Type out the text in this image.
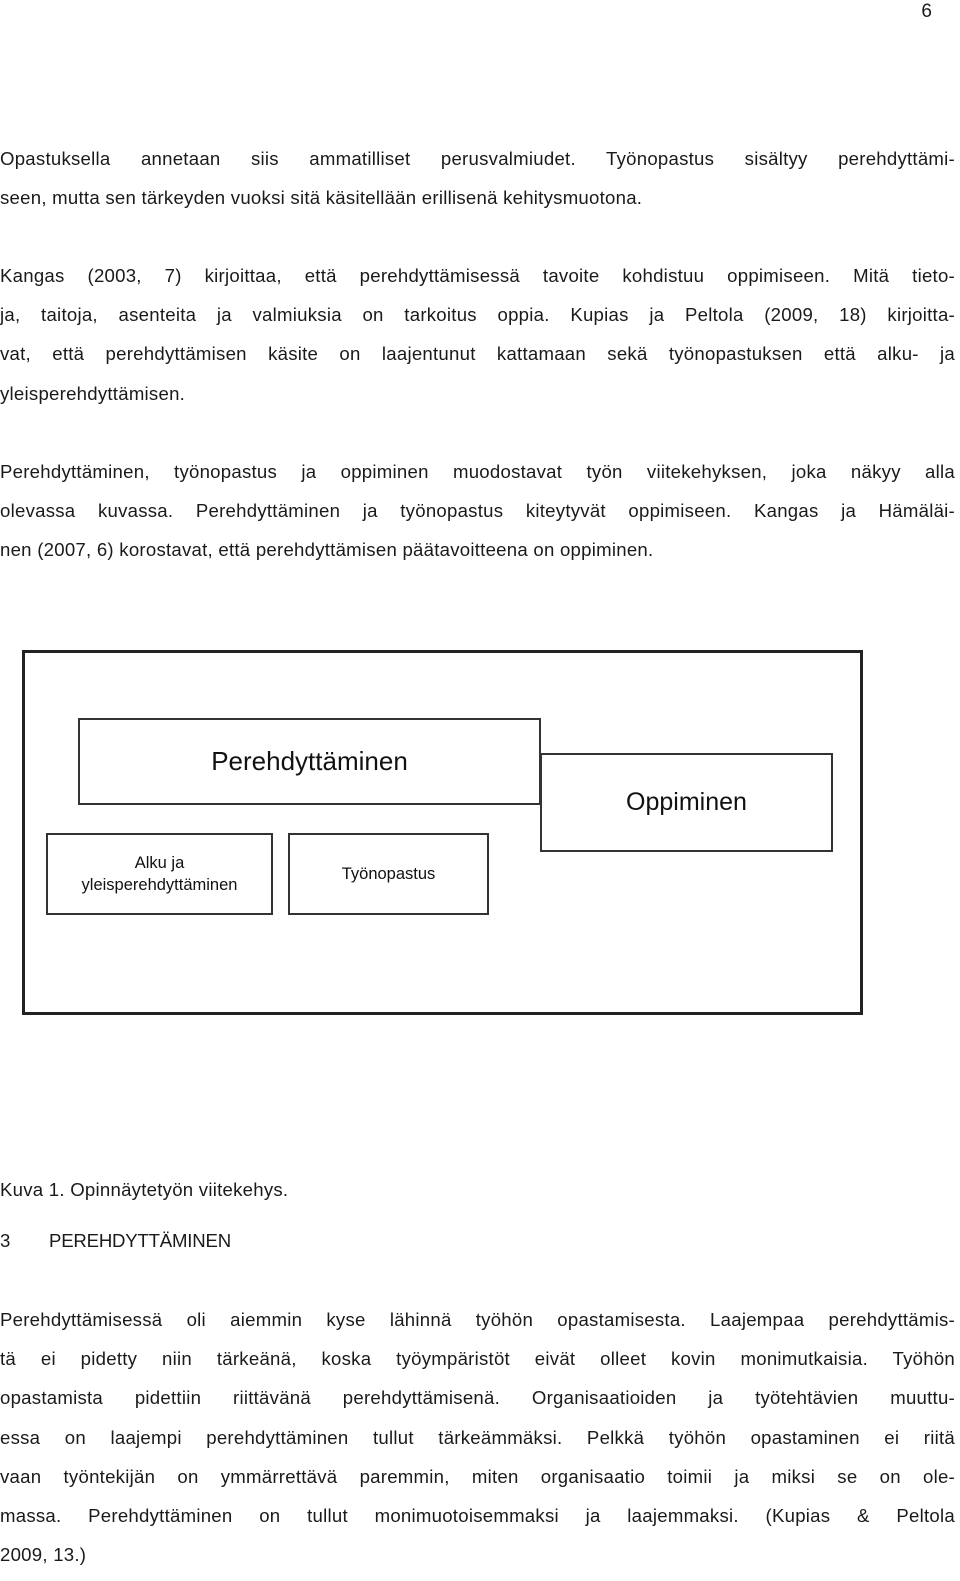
6
Opastuksella annetaan siis ammatilliset perusvalmiudet. Työnopastus sisältyy perehdyttämi-
seen, mutta sen tärkeyden vuoksi sitä käsitellään erillisenä kehitysmuotona.
Kangas (2003, 7) kirjoittaa, että perehdyttämisessä tavoite kohdistuu oppimiseen. Mitä tieto-
ja, taitoja, asenteita ja valmiuksia on tarkoitus oppia. Kupias ja Peltola (2009, 18) kirjoitta-
vat, että perehdyttämisen käsite on laajentunut kattamaan sekä työnopastuksen että alku- ja
yleisperehdyttämisen.
Perehdyttäminen, työnopastus ja oppiminen muodostavat työn viitekehyksen, joka näkyy alla
olevassa kuvassa. Perehdyttäminen ja työnopastus kiteytyvät oppimiseen. Kangas ja Hämäläi-
nen (2007, 6) korostavat, että perehdyttämisen päätavoitteena on oppiminen.
Perehdyttäminen
Oppiminen
Alku ja
yleisperehdyttäminen
Työnopastus
Kuva 1. Opinnäytetyön viitekehys.
3 PEREHDYTTÄMINEN
Perehdyttämisessä oli aiemmin kyse lähinnä työhön opastamisesta. Laajempaa perehdyttämis-
tä ei pidetty niin tärkeänä, koska työympäristöt eivät olleet kovin monimutkaisia. Työhön
opastamista pidettiin riittävänä perehdyttämisenä. Organisaatioiden ja työtehtävien muuttu-
essa on laajempi perehdyttäminen tullut tärkeämmäksi. Pelkkä työhön opastaminen ei riitä
vaan työntekijän on ymmärrettävä paremmin, miten organisaatio toimii ja miksi se on ole-
massa. Perehdyttäminen on tullut monimuotoisemmaksi ja laajemmaksi. (Kupias & Peltola
2009, 13.)
